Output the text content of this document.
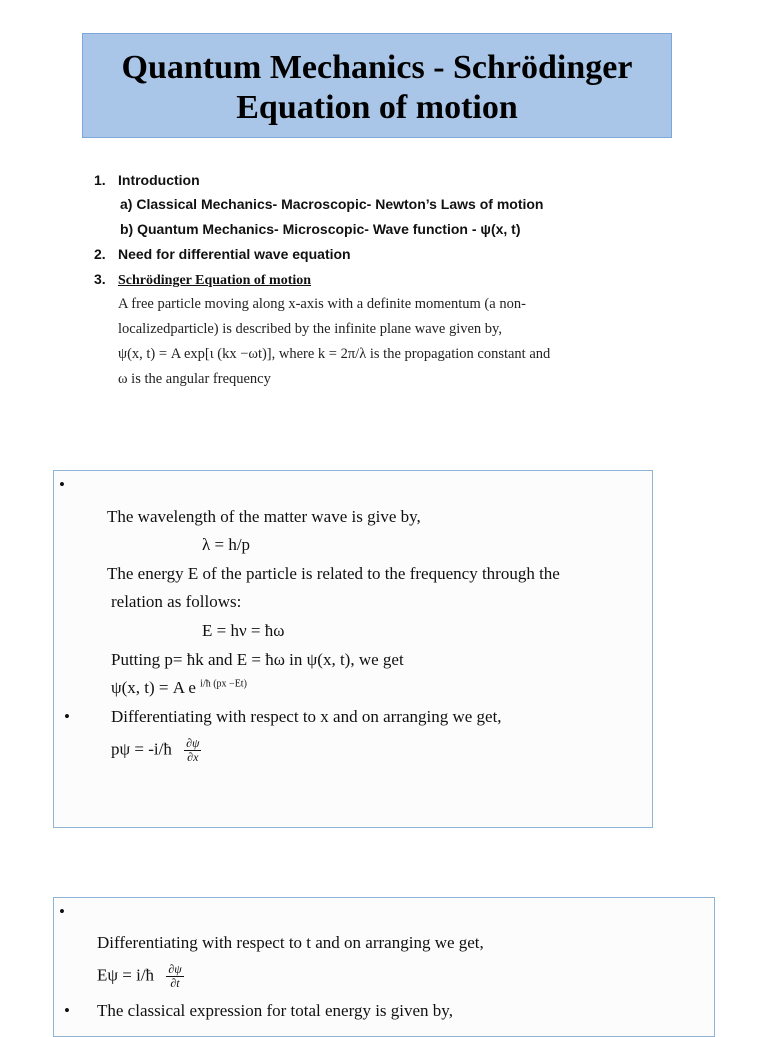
Quantum Mechanics - Schrödinger
Equation of motion
1. Introduction
a) Classical Mechanics- Macroscopic- Newton’s Laws of motion
b) Quantum Mechanics- Microscopic- Wave function - ψ(x, t)
2. Need for differential wave equation
3. Schrödinger Equation of motion
A free particle moving along x-axis with a definite momentum (a non-
localizedparticle) is described by the infinite plane wave given by,
ψ(x, t) = A exp[ι (kx −ωt)], where k = 2π/λ is the propagation constant and
ω is the angular frequency
•
The wavelength of the matter wave is give by,
λ = h/p
The energy E of the particle is related to the frequency through the
relation as follows:
E = hν = ħω
Putting p= ħk and E = ħω in ψ(x, t), we get
ψ(x, t) = A e $^{i/ħ (px -Et)}$
• Differentiating with respect to x and on arranging we get,
pψ = -i/ħ $\frac{\partial\psi}{\partial x}$
•
Differentiating with respect to t and on arranging we get,
Eψ = i/ħ $\frac{\partial\psi}{\partial t}$
• The classical expression for total energy is given by,
